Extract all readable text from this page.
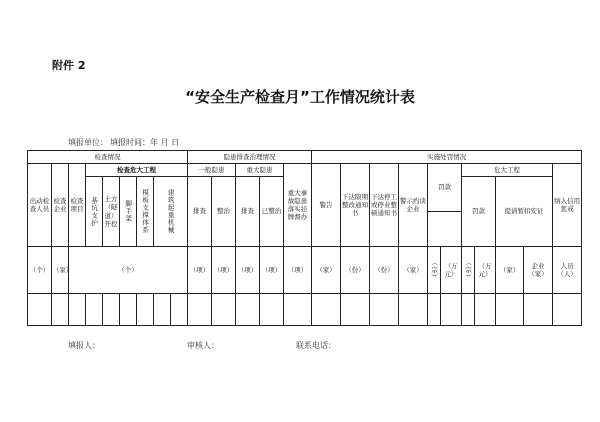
附件 2
“安全生产检查月”工作情况统计表
填报单位： 填报时间：年 月 日
检查情况									隐患排查治理情况					实施处罚情况										
出动检查人员	检查企业	检查项目	检查危大工程						一般隐患		重大隐患		重大事故隐患落实挂牌督办	警告	下达限期整改通知书	下达停工或停业整顿通知书	警示约谈企业	罚款		危大工程				纳入信用惩戒
			基坑支护	土方（隧道）开挖	脚手架	模板支撑体系	建筑起重机械		排查	整治	排查	已整治								罚款		提请暂扣安证		

（个）	（家）	（个）							（项）	（项）	（项）	（项）	（项）	（家）	（份）	（份）	（家）	（宗）	（万元）	（宗）	（万元）	（家）	企业（家）	人员（人）

填报人：	审核人：	联系电话：
